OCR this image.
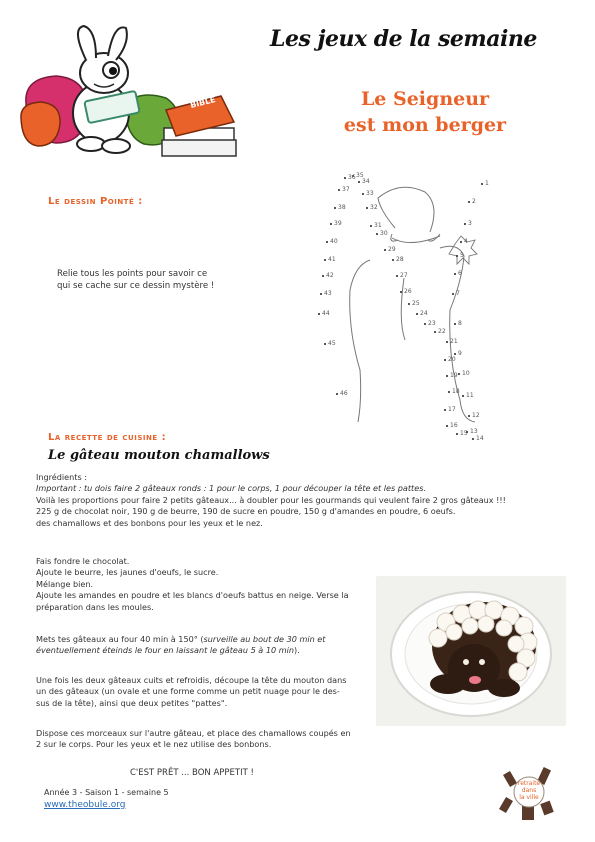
Les jeux de la semaine
Le Seigneur
est mon berger
BIBLE
Le dessin Pointé :
Relie tous les points pour savoir ce
qui se cache sur ce dessin mystère !
1
2
3
4
5
6
7
8
9
10
11
12
13
14
15
16
17
18
19
20
21
22
23
24
25
26
27
28
29
30
31
32
33
34
35
36
37
38
39
40
41
42
43
44
45
46
La recette de cuisine :
Le gâteau mouton chamallows
Ingrédients :
Important : tu dois faire 2 gâteaux ronds : 1 pour le corps, 1 pour découper la tête et les pattes.
Voilà les proportions pour faire 2 petits gâteaux... à doubler pour les gourmands qui veulent faire 2 gros gâteaux !!!
225 g de chocolat noir, 190 g de beurre, 190 de sucre en poudre, 150 g d'amandes en poudre, 6 oeufs.
des chamallows et des bonbons pour les yeux et le nez.
Fais fondre le chocolat.
Ajoute le beurre, les jaunes d'oeufs, le sucre.
Mélange bien.
Ajoute les amandes en poudre et les blancs d'oeufs battus en neige. Verse la
préparation dans les moules.
Mets tes gâteaux au four 40 min à 150° (surveille au bout de 30 min et
éventuellement éteinds le four en laissant le gâteau 5 à 10 min).
Une fois les deux gâteaux cuits et refroidis, découpe la tête du mouton dans
un des gâteaux (un ovale et une forme comme un petit nuage pour le des-
sus de la tête), ainsi que deux petites "pattes".
Dispose ces morceaux sur l'autre gâteau, et place des chamallows coupés en
2 sur le corps. Pour les yeux et le nez utilise des bonbons.
C'EST PRÊT ... BON APPETIT !
Année 3 - Saison 1 - semaine 5
www.theobule.org
retraite
dans
la ville
